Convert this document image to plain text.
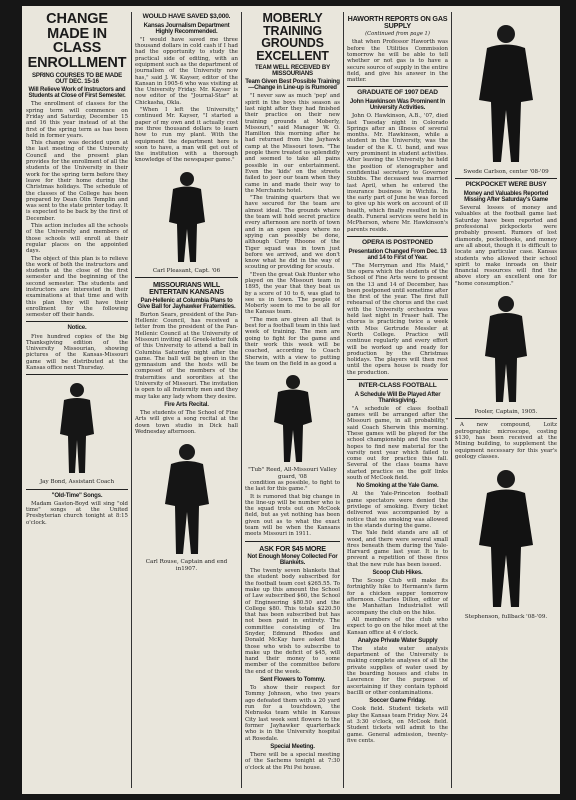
CHANGE MADE IN CLASS ENROLLMENT
SPRING COURSES TO BE MADE OUT DEC. 15-16
Will Relieve Work of Instructors and Students at Close of First Semester.

The enrollment of classes for the spring term will commence on Friday and Saturday, December 15 and 16 this year instead of at the first of the spring term as has been held in former years.

This change was decided upon at the last meeting of the University Council and the present plan provides for the enrollment of all the students of the University in their work for the spring term before they leave for their home during the Christmas holidays. The schedule of the classes of the College has been prepared by Dean Olin Templin and was sent to the state printer today. It is expected to be back by the first of December.

This action includes all the schools of the University and members of those schools will enroll at their regular places on the appointed days.

The object of this plan is to relieve the work of both the instructors and students at the close of the first semester and the beginning of the second semester. The students and instructors are interested in their examinations at that time and with this plan they will have their enrollment for the following semester off their hands.

Notice.

Five hundred copies of the big Thanksgiving edition of the University Missourian, showing pictures of the Kansas-Missouri game will be distributed at the Kansas office next Thursday.

Jay Bond, Assistant Coach
"Old-Time" Songs.

Madam Gaston-Boyd will sing "old time" songs at the United Presbyterian church tonight at 8:15 o'clock.

WOULD HAVE SAVED $3,000.
Kansas Journalism Department Highly Recommended.

"I would have saved me three thousand dollars in cold cash if I had had the opportunity to study the practical side of editing, with an equipment such as the department of journalism of the University now has," said J. W. Kayser, editor of the Kansan in 1905-6 who was visiting at the University Friday. Mr. Kayser is now editor of the "Journal-Star" at Chickasha, Okla.

"When I left the University," continued Mr. Kayser, "I started a paper of my own and it actually cost me three thousand dollars to learn how to run my plant. With the equipment the department here is soon to have, a man will get out of the institution with a thorough knowledge of the newspaper game."

Carl Pleasant, Capt. '06
MISSOURIANS WILL ENTERTAIN KANSANS
Pan-Hellenic at Columbia Plans to Give Ball for Jayhawker Fraternities.

Burton Sears, president of the Pan-Hellenic Council, has received a letter from the president of the Pan-Hellenic Council at the University of Missouri inviting all Greek-letter folk of this University to attend a ball in Columbia Saturday night after the game. The ball will be given in the gymnasium and the hosts will be composed of the members of the fraternities and sororities at the University of Missouri. The invitation is open to all fraternity men and they may take any lady whom they desire.

Fire Arts Recital.

The students of The School of Fine Arts will give a song recital at the down town studio in Dick hall Wednesday afternoon.

Carl Rouse, Captain and end in1907.
MOBERLY TRAINING GROUNDS EXCELLENT
TEAM WELL RECEIVED BY MISSOURIANS
Team Given Best Possible Training—Change in Line-up is Rumored

"I never saw as much 'pep' and spirit in the boys this season as last night after they had finished their practice on their new training grounds at Moberly, Missouri," said Manager W. O. Hamilton this morning after he had returned from the Jayhawk camp at the Missouri town. "The people there treated us splendidly and seemed to take all pains possible in our entertainment. Even the 'kids' on the streets failed to jeer our team when they came in and made their way to the Merchants hotel.

"The training quarters that we have secured for the team are almost ideal. The grounds where the team will hold secret practice every afternoon are north of town and in an open space where no spying can possibly be done, although Curly Rhoone of the Tiger squad was in town just before we arrived, and we don't know what he did in the way of scouting or providing for scouts.

"Even the great Oak Hunter who played on the Missouri team in 1895, the year that they beat us by a score of 10 to 6, was glad to see us in town. The people of Moberly seem to me to be all for the Kansas team.

"The men are given all that is best for a football team in this last week of training. The men are going to fight for the game and their work this week will be coached, according to Coach Sherwin, with a view to putting the team on the field in as good a

"Tub" Reed, All-Missouri Valley guard, '08

condition as possible, to fight to the last for this game."

It is rumored that big change in the line-up will be number who is the squad trots out on McCook field, but as yet nothing has been given out as to what the exact team will be when the Kansans meets Missouri in 1911.

ASK FOR $45 MORE
Not Enough Money Collected For Blankets.

The twenty seven blankets that the student body subscribed for the football team cost $265.55. To make up this amount the School of Law subscribed $60, the School of Engineering $80.50 and the College $80. This totals $220.50 that has been subscribed but has not been paid in entirety. The committee consisting of Ira Snyder, Edmund Rhodes and Donald McKay have asked that those who wish to subscribe to make up the deficit of $45, will hand their money to some member of the committee before the end of the week.

Sent Flowers to Tommy.

To show their respect for Tommy Johnson, who two years ago defeated them with a 20 yard run for a touchdown, the Nebraska team while in Kansas City last week sent flowers to the former Jayhawker quarterback who is in the University hospital at Rosedale.

Special Meeting.

There will be a special meeting of the Sachems tonight at 7:30 o'clock at the Phi Psi house.

HAWORTH REPORTS ON GAS SUPPLY
(Continued from page 1)

that when Professor Haworth was before the Utilities Commission tomorrow he will be able to tell whether or not gas is to have a secure source of supply in the entire field, and give his answer in the matter.

GRADUATE OF 1907 DEAD
John Hawkinson Was Prominent In University Activities.

John O. Hawkinson, A.B., '07, died last Tuesday night in Colorado Springs after an illness of several months. Mr. Hawkinson, while a student in the University, was the leader of the K. U. band, and was very prominent in student activities. After leaving the University he held the position of stenographer and confidential secretary to Governor Stubbs. The deceased was married last April, when he entered the insurance business in Wichita. In the early part of June he was forced to give up his work on account of ill health, which finally resulted in his death. Funeral services were held in McPherson, where Mr. Hawkinson's parents reside.

OPERA IS POSTPONED
Presentation Changed From Dec. 13 and 14 to First of Year.

"The Merryman and His Maid," the opera which the students of the School of Fine Arts were to present on the 13 and 14 of December, has been postponed until sometime after the first of the year. The first full rehearsal of the chorus and the cast with the University orchestra was held last night in Fraser hall. The chorus is practicing twice a week with Miss Gertrude Messler at North College. Practice will continue regularly and every effort will be worked up and ready for production by the Christmas holidays. The players will then rest until the opera house is ready for the production.

INTER-CLASS FOOTBALL
A Schedule Will Be Played After Thanksgiving.

"A schedule of class football games will be arranged after the Missouri game, in all probability," said Coach Sherwin this morning. These games will be played for the school championship and the coach hopes to find new material for the varsity next year which failed to come out for practice this fall. Several of the class teams have started practice on the golf links south of McCook field.

No Smoking at the Yale Game.

At the Yale-Princeton football game spectators were denied the privilege of smoking. Every ticket delivered was accompanied by a notice that no smoking was allowed in the stands during the game.

The Yale field stands are all of wood, and there were several small fires beneath them during the Yale-Harvard game last year. It is to prevent a repetition of these fires that the new rule has been issued.

Scoop Club Hikes.

The Scoop Club will make its fortnightly hike to Hermann's farm for a chicken supper tomorrow afternoon. Charles Dillon, editor of the Manhattan Industrialist will accompany the club on the hike.

All members of the club who expect to go on the hike meet at the Kansan office at 4 o'clock.

Analyze Private Water Supply

The state water analysis department of the University is making complete analyses of all the private supplies of water used by the boarding houses and clubs in Lawrence for the purpose of ascertaining if they contain typhoid bacilli or other contaminations.

Soccer Game Friday.

Cook field. Student tickets will play the Kansas team Friday Nov. 24 at 3:30 o'clock, on McCook field. Student tickets will admit to the game. General admission, twenty-five cents.

Swede Carlson, center '08-'09
PICKPOCKET WERE BUSY
Money and Valuables Reported Missing After Saturday's Game

Several losses of money and valuables at the football game last Saturday have been reported and professional pickpockets were probably present. Rumors of lost diamonds, pocketbooks, and money are all about, though it is difficult to locate any particular case. Kansas students who allowed their school spirit to make inroads on their financial resources will find the above story an excellent one for "home consumption."

Pooler, Captain, 1905.

A new compound, Loitz petrographic microscope, costing $130, has been received at the Mining building, to supplement the equipment necessary for this year's geology classes.

Stephenson, fullback '08-'09.
